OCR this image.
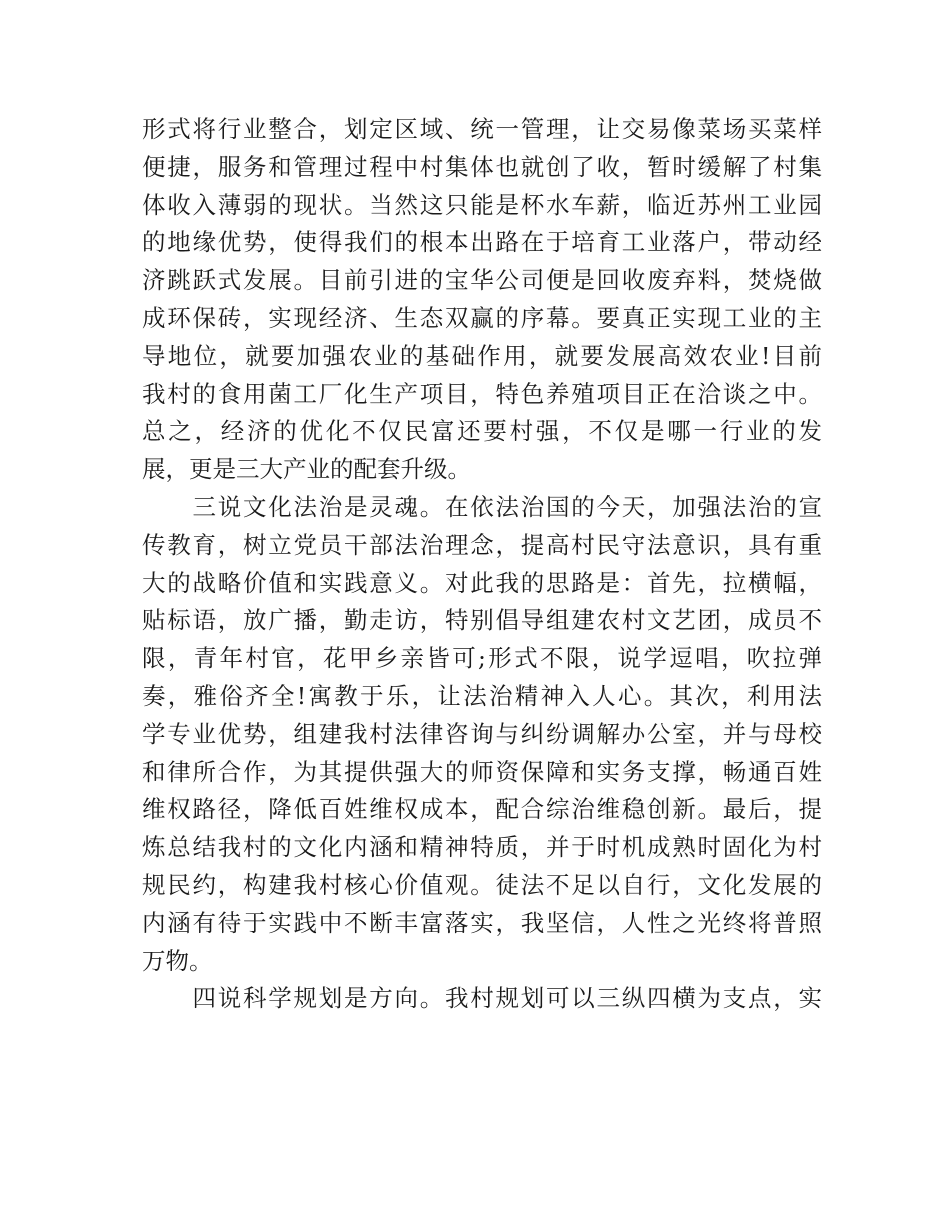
形式将行业整合，划定区域、统一管理，让交易像菜场买菜样
便捷，服务和管理过程中村集体也就创了收，暂时缓解了村集
体收入薄弱的现状。当然这只能是杯水车薪，临近苏州工业园
的地缘优势，使得我们的根本出路在于培育工业落户，带动经
济跳跃式发展。目前引进的宝华公司便是回收废弃料，焚烧做
成环保砖，实现经济、生态双赢的序幕。要真正实现工业的主
导地位，就要加强农业的基础作用，就要发展高效农业!目前
我村的食用菌工厂化生产项目，特色养殖项目正在洽谈之中。
总之，经济的优化不仅民富还要村强，不仅是哪一行业的发
展，更是三大产业的配套升级。
　　三说文化法治是灵魂。在依法治国的今天，加强法治的宣
传教育，树立党员干部法治理念，提高村民守法意识，具有重
大的战略价值和实践意义。对此我的思路是：首先，拉横幅，
贴标语，放广播，勤走访，特别倡导组建农村文艺团，成员不
限，青年村官，花甲乡亲皆可;形式不限，说学逗唱，吹拉弹
奏，雅俗齐全!寓教于乐，让法治精神入人心。其次，利用法
学专业优势，组建我村法律咨询与纠纷调解办公室，并与母校
和律所合作，为其提供强大的师资保障和实务支撑，畅通百姓
维权路径，降低百姓维权成本，配合综治维稳创新。最后，提
炼总结我村的文化内涵和精神特质，并于时机成熟时固化为村
规民约，构建我村核心价值观。徒法不足以自行，文化发展的
内涵有待于实践中不断丰富落实，我坚信，人性之光终将普照
万物。
　　四说科学规划是方向。我村规划可以三纵四横为支点，实
